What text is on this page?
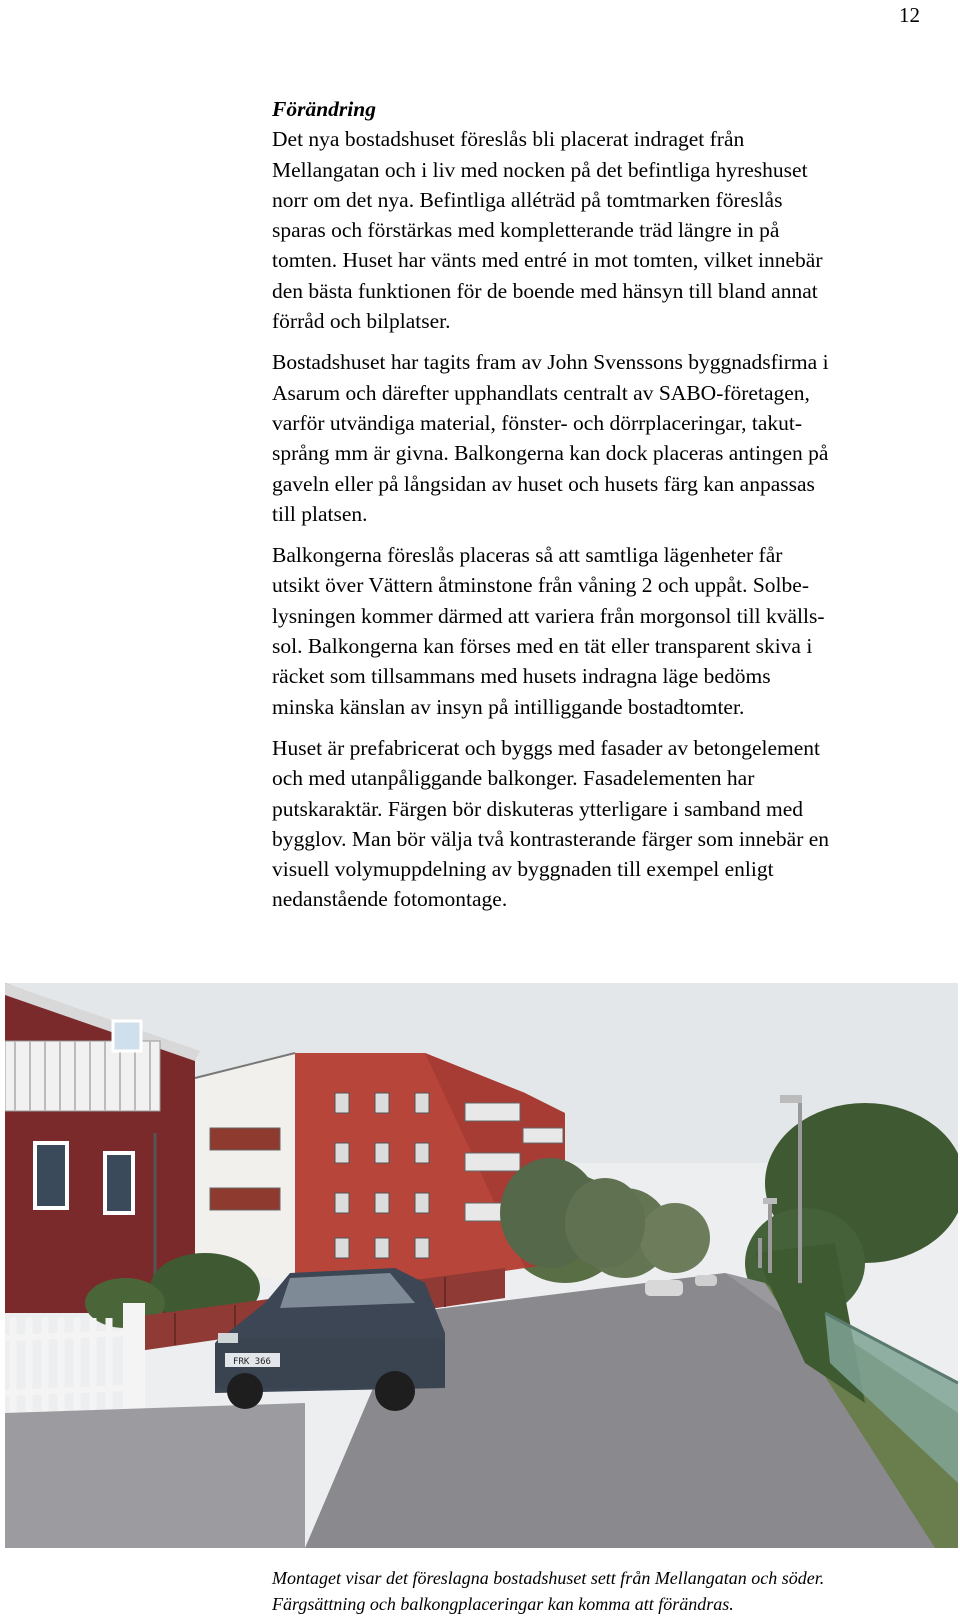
12

Förändring

Det nya bostadshuset föreslås bli placerat indraget från
Mellangatan och i liv med nocken på det befintliga hyreshuset
norr om det nya. Befintliga alléträd på tomtmarken föreslås
sparas och förstärkas med kompletterande träd längre in på
tomten. Huset har vänts med entré in mot tomten, vilket innebär
den bästa funktionen för de boende med hänsyn till bland annat
förråd och bilplatser.

Bostadshuset har tagits fram av John Svenssons byggnadsfirma i
Asarum och därefter upphandlats centralt av SABO-företagen,
varför utvändiga material, fönster- och dörrplaceringar, takut-
språng mm är givna. Balkongerna kan dock placeras antingen på
gaveln eller på långsidan av huset och husets färg kan anpassas
till platsen.

Balkongerna föreslås placeras så att samtliga lägenheter får
utsikt över Vättern åtminstone från våning 2 och uppåt. Solbe-
lysningen kommer därmed att variera från morgonsol till kvälls-
sol. Balkongerna kan förses med en tät eller transparent skiva i
räcket som tillsammans med husets indragna läge bedöms
minska känslan av insyn på intilliggande bostadtomter.

Huset är prefabricerat och byggs med fasader av betongelement
och med utanpåliggande balkonger. Fasadelementen har
putskaraktär. Färgen bör diskuteras ytterligare i samband med
bygglov. Man bör välja två kontrasterande färger som innebär en
visuell volymuppdelning av byggnaden till exempel enligt
nedanstående fotomontage.

FRK 366
Montaget visar det föreslagna bostadshuset sett från Mellangatan och söder.
Färgsättning och balkongplaceringar kan komma att förändras.
